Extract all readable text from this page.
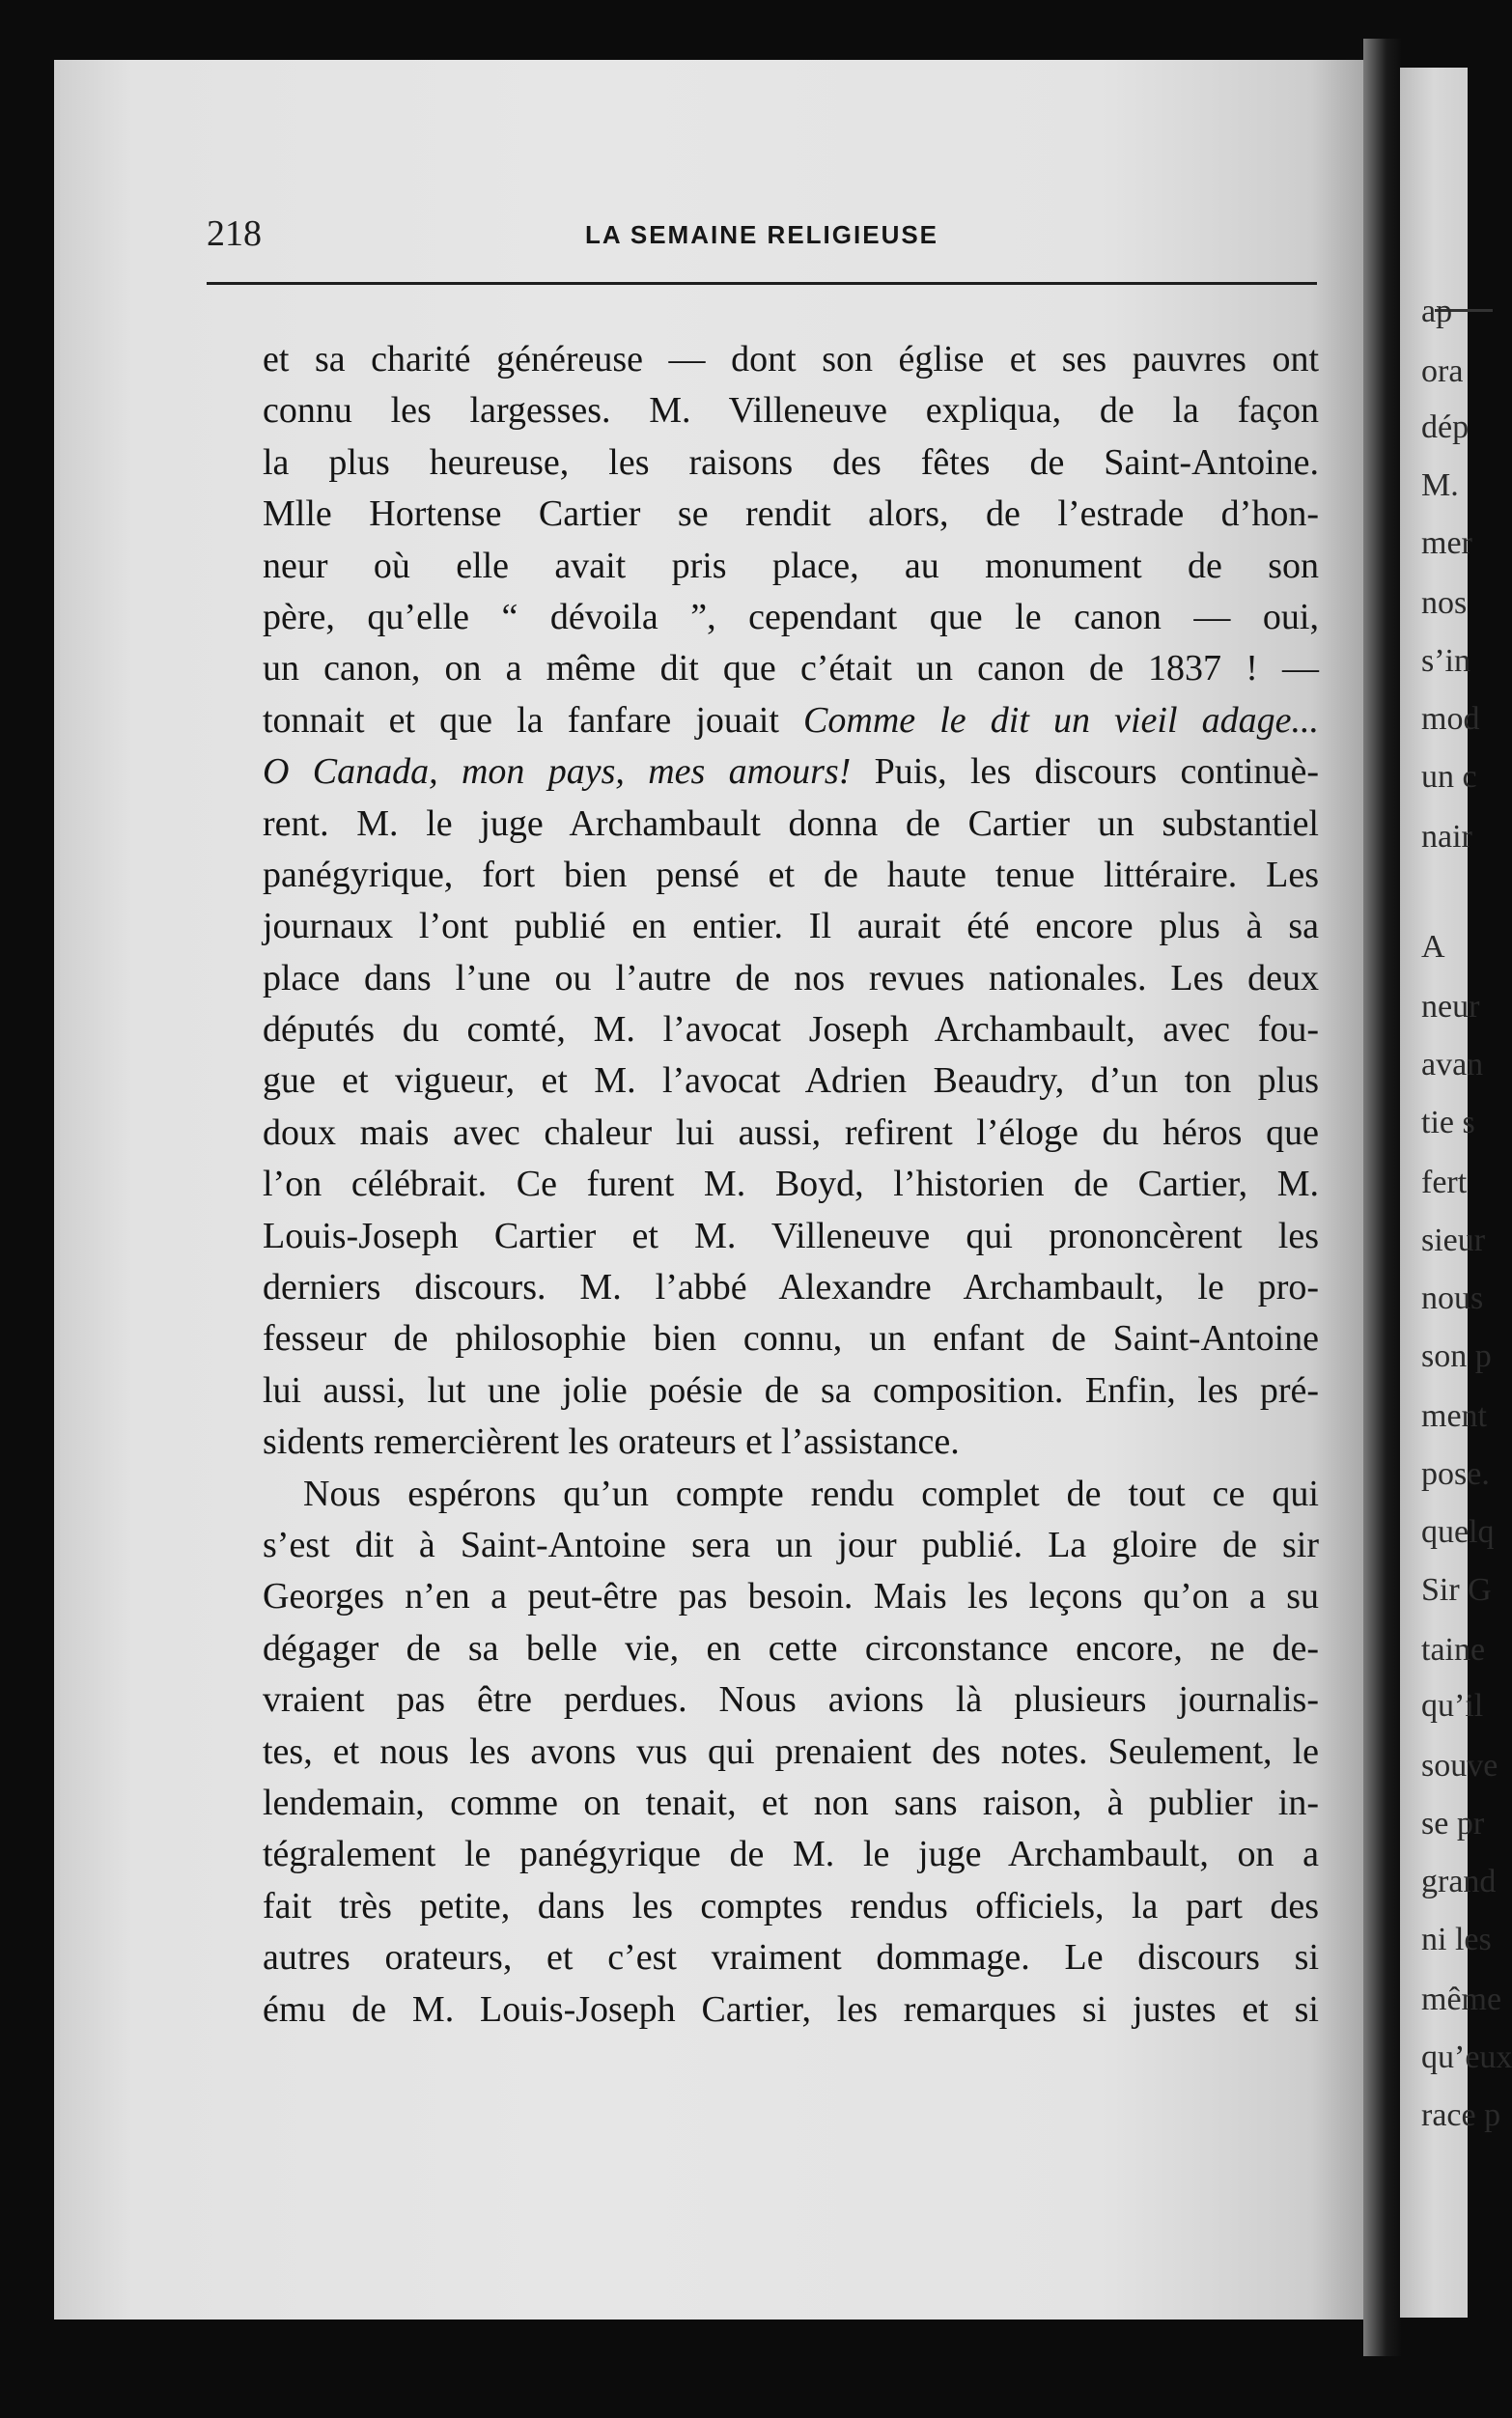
ap
ora
dép
M.
mer
nos
s’in
mod
un c
nair
A
neur
avan
tie s
fert
sieur
nous
son p
ment
pose.
quelq
Sir G
taine
qu’il
souve
se pr
grand
ni les
même
qu’eux
race p
218	LA SEMAINE RELIGIEUSE
et sa charité généreuse — dont son église et ses pauvres ont
connu les largesses. M. Villeneuve expliqua, de la façon
la plus heureuse, les raisons des fêtes de Saint-Antoine.
Mlle Hortense Cartier se rendit alors, de l’estrade d’hon-
neur où elle avait pris place, au monument de son
père, qu’elle “ dévoila ”, cependant que le canon — oui,
un canon, on a même dit que c’était un canon de 1837 ! —
tonnait et que la fanfare jouait Comme le dit un vieil adage...
O Canada, mon pays, mes amours! Puis, les discours continuè-
rent. M. le juge Archambault donna de Cartier un substantiel
panégyrique, fort bien pensé et de haute tenue littéraire. Les
journaux l’ont publié en entier. Il aurait été encore plus à sa
place dans l’une ou l’autre de nos revues nationales. Les deux
députés du comté, M. l’avocat Joseph Archambault, avec fou-
gue et vigueur, et M. l’avocat Adrien Beaudry, d’un ton plus
doux mais avec chaleur lui aussi, refirent l’éloge du héros que
l’on célébrait. Ce furent M. Boyd, l’historien de Cartier, M.
Louis-Joseph Cartier et M. Villeneuve qui prononcèrent les
derniers discours. M. l’abbé Alexandre Archambault, le pro-
fesseur de philosophie bien connu, un enfant de Saint-Antoine
lui aussi, lut une jolie poésie de sa composition. Enfin, les pré-
sidents remercièrent les orateurs et l’assistance.
Nous espérons qu’un compte rendu complet de tout ce qui
s’est dit à Saint-Antoine sera un jour publié. La gloire de sir
Georges n’en a peut-être pas besoin. Mais les leçons qu’on a su
dégager de sa belle vie, en cette circonstance encore, ne de-
vraient pas être perdues. Nous avions là plusieurs journalis-
tes, et nous les avons vus qui prenaient des notes. Seulement, le
lendemain, comme on tenait, et non sans raison, à publier in-
tégralement le panégyrique de M. le juge Archambault, on a
fait très petite, dans les comptes rendus officiels, la part des
autres orateurs, et c’est vraiment dommage. Le discours si
ému de M. Louis-Joseph Cartier, les remarques si justes et si
